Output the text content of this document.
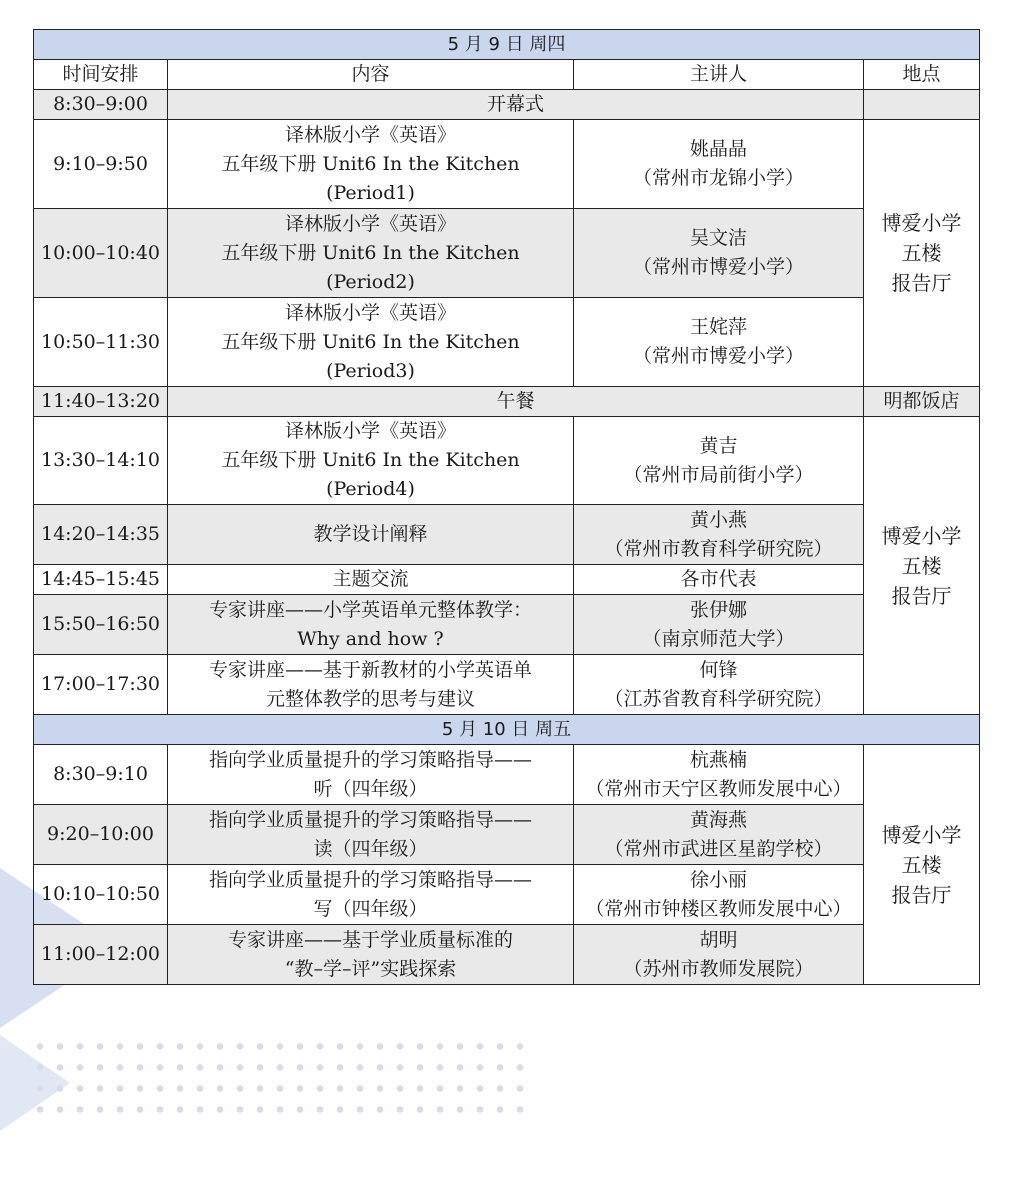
5 月 9 日 周四			
时间安排	内容	主讲人	地点
8:30–9:00	开幕式		
9:10–9:50	译林版小学《英语》
五年级下册 Unit6 In the Kitchen
(Period1)	姚晶晶
（常州市龙锦小学）	博爱小学
五楼
报告厅

10:00–10:40	译林版小学《英语》
五年级下册 Unit6 In the Kitchen
(Period2)	吴文洁
（常州市博爱小学）	

10:50–11:30	译林版小学《英语》
五年级下册 Unit6 In the Kitchen
(Period3)	王姹萍
（常州市博爱小学）	

11:40–13:20	午餐		明都饭店
13:30–14:10	译林版小学《英语》
五年级下册 Unit6 In the Kitchen
(Period4)	黄吉
（常州市局前街小学）	博爱小学
五楼
报告厅

14:20–14:35	教学设计阐释	黄小燕
（常州市教育科学研究院）	

14:45–15:45	主题交流	各市代表	
15:50–16:50	专家讲座——小学英语单元整体教学：
Why and how ?	张伊娜
（南京师范大学）	

17:00–17:30	专家讲座——基于新教材的小学英语单
元整体教学的思考与建议	何锋
（江苏省教育科学研究院）	

5 月 10 日 周五			
8:30–9:10	指向学业质量提升的学习策略指导——
听（四年级）	杭燕楠
（常州市天宁区教师发展中心）	博爱小学
五楼
报告厅

9:20–10:00	指向学业质量提升的学习策略指导——
读（四年级）	黄海燕
（常州市武进区星韵学校）	

10:10–10:50	指向学业质量提升的学习策略指导——
写（四年级）	徐小丽
（常州市钟楼区教师发展中心）	

11:00–12:00	专家讲座——基于学业质量标准的
“教–学–评”实践探索	胡明
（苏州市教师发展院）	
